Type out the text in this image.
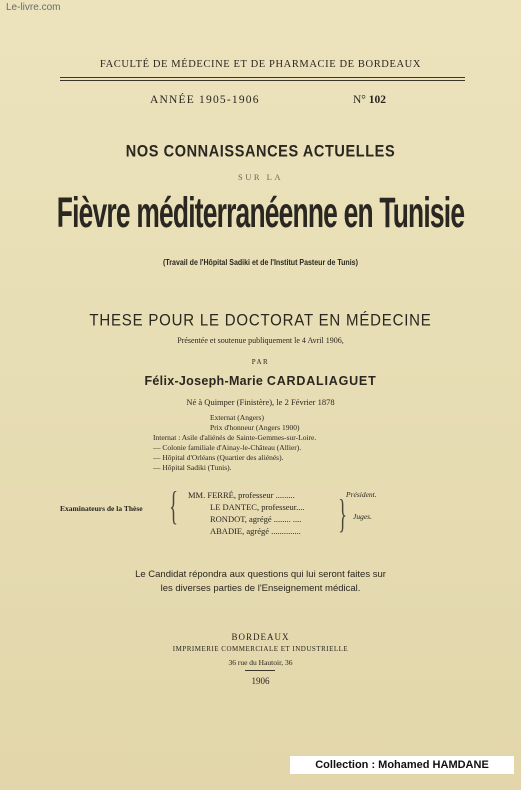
Le-livre.com
FACULTÉ DE MÉDECINE ET DE PHARMACIE DE BORDEAUX
ANNÉE 1905-1906	N° 102
NOS CONNAISSANCES ACTUELLES
SUR LA
Fièvre méditerranéenne en Tunisie
(Travail de l'Hôpital Sadiki et de l'Institut Pasteur de Tunis)
THESE POUR LE DOCTORAT EN MÉDECINE
Présentée et soutenue publiquement le 4 Avril 1906,
PAR
Félix-Joseph-Marie CARDALIAGUET
Né à Quimper (Finistère), le 2 Février 1878
Externat (Angers)
Prix d'honneur (Angers 1900)
Internat : Asile d'aliénés de Sainte-Gemmes-sur-Loire.
— Colonie familiale d'Ainay-le-Château (Allier).
— Hôpital d'Orléans (Quartier des aliénés).
— Hôpital Sadiki (Tunis).
Examinateurs de la Thèse { MM. FERRÉ, professeur .........
LE DANTEC, professeur....
RONDOT, agrégé ........ ....
ABADIE, agrégé .............. } Président.
Juges.
Le Candidat répondra aux questions qui lui seront faites sur
les diverses parties de l'Enseignement médical.
BORDEAUX
IMPRIMERIE COMMERCIALE ET INDUSTRIELLE
36 rue du Hautoir, 36
1906
Collection : Mohamed HAMDANE
